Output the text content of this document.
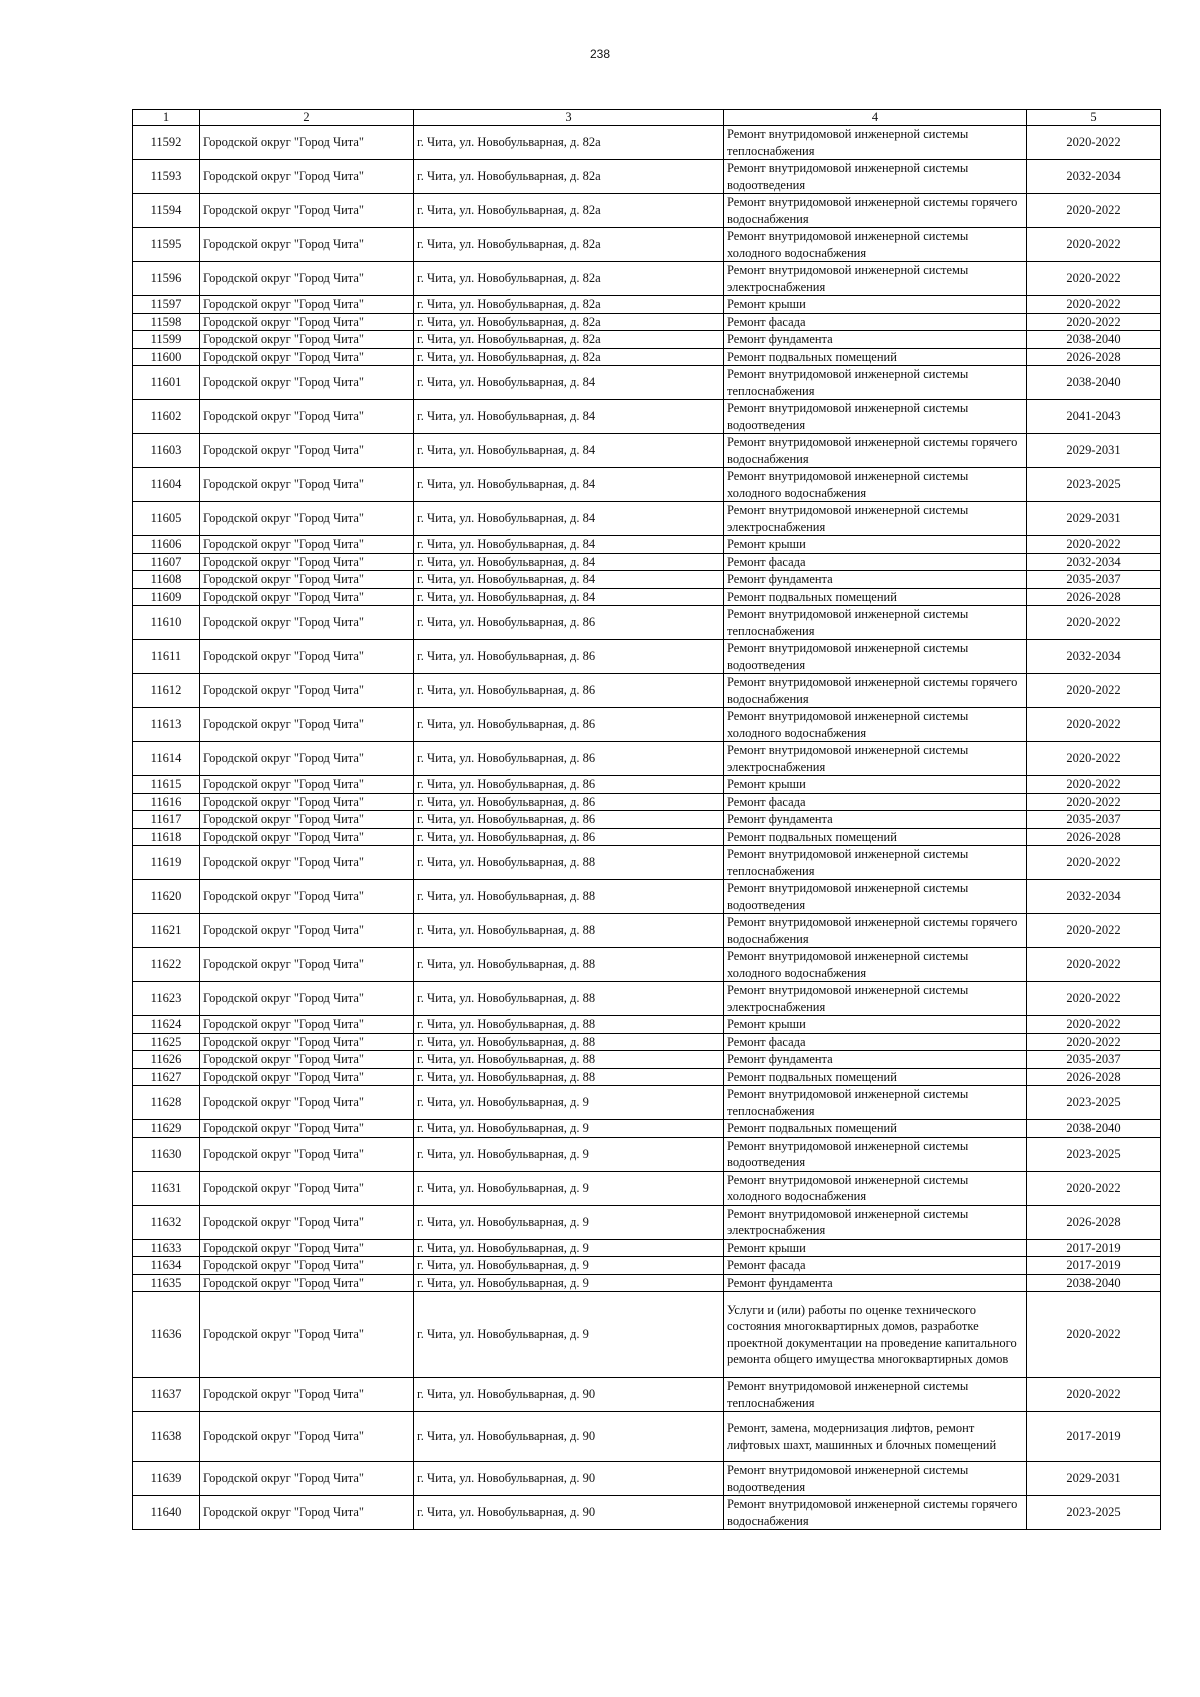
238
1	2	3	4	5
11592	Городской округ "Город Чита"	г. Чита, ул. Новобульварная, д. 82а	Ремонт внутридомовой инженерной системы теплоснабжения	2020-2022
11593	Городской округ "Город Чита"	г. Чита, ул. Новобульварная, д. 82а	Ремонт внутридомовой инженерной системы водоотведения	2032-2034
11594	Городской округ "Город Чита"	г. Чита, ул. Новобульварная, д. 82а	Ремонт внутридомовой инженерной системы горячего водоснабжения	2020-2022
11595	Городской округ "Город Чита"	г. Чита, ул. Новобульварная, д. 82а	Ремонт внутридомовой инженерной системы холодного водоснабжения	2020-2022
11596	Городской округ "Город Чита"	г. Чита, ул. Новобульварная, д. 82а	Ремонт внутридомовой инженерной системы электроснабжения	2020-2022
11597	Городской округ "Город Чита"	г. Чита, ул. Новобульварная, д. 82а	Ремонт крыши	2020-2022
11598	Городской округ "Город Чита"	г. Чита, ул. Новобульварная, д. 82а	Ремонт фасада	2020-2022
11599	Городской округ "Город Чита"	г. Чита, ул. Новобульварная, д. 82а	Ремонт фундамента	2038-2040
11600	Городской округ "Город Чита"	г. Чита, ул. Новобульварная, д. 82а	Ремонт подвальных помещений	2026-2028
11601	Городской округ "Город Чита"	г. Чита, ул. Новобульварная, д. 84	Ремонт внутридомовой инженерной системы теплоснабжения	2038-2040
11602	Городской округ "Город Чита"	г. Чита, ул. Новобульварная, д. 84	Ремонт внутридомовой инженерной системы водоотведения	2041-2043
11603	Городской округ "Город Чита"	г. Чита, ул. Новобульварная, д. 84	Ремонт внутридомовой инженерной системы горячего водоснабжения	2029-2031
11604	Городской округ "Город Чита"	г. Чита, ул. Новобульварная, д. 84	Ремонт внутридомовой инженерной системы холодного водоснабжения	2023-2025
11605	Городской округ "Город Чита"	г. Чита, ул. Новобульварная, д. 84	Ремонт внутридомовой инженерной системы электроснабжения	2029-2031
11606	Городской округ "Город Чита"	г. Чита, ул. Новобульварная, д. 84	Ремонт крыши	2020-2022
11607	Городской округ "Город Чита"	г. Чита, ул. Новобульварная, д. 84	Ремонт фасада	2032-2034
11608	Городской округ "Город Чита"	г. Чита, ул. Новобульварная, д. 84	Ремонт фундамента	2035-2037
11609	Городской округ "Город Чита"	г. Чита, ул. Новобульварная, д. 84	Ремонт подвальных помещений	2026-2028
11610	Городской округ "Город Чита"	г. Чита, ул. Новобульварная, д. 86	Ремонт внутридомовой инженерной системы теплоснабжения	2020-2022
11611	Городской округ "Город Чита"	г. Чита, ул. Новобульварная, д. 86	Ремонт внутридомовой инженерной системы водоотведения	2032-2034
11612	Городской округ "Город Чита"	г. Чита, ул. Новобульварная, д. 86	Ремонт внутридомовой инженерной системы горячего водоснабжения	2020-2022
11613	Городской округ "Город Чита"	г. Чита, ул. Новобульварная, д. 86	Ремонт внутридомовой инженерной системы холодного водоснабжения	2020-2022
11614	Городской округ "Город Чита"	г. Чита, ул. Новобульварная, д. 86	Ремонт внутридомовой инженерной системы электроснабжения	2020-2022
11615	Городской округ "Город Чита"	г. Чита, ул. Новобульварная, д. 86	Ремонт крыши	2020-2022
11616	Городской округ "Город Чита"	г. Чита, ул. Новобульварная, д. 86	Ремонт фасада	2020-2022
11617	Городской округ "Город Чита"	г. Чита, ул. Новобульварная, д. 86	Ремонт фундамента	2035-2037
11618	Городской округ "Город Чита"	г. Чита, ул. Новобульварная, д. 86	Ремонт подвальных помещений	2026-2028
11619	Городской округ "Город Чита"	г. Чита, ул. Новобульварная, д. 88	Ремонт внутридомовой инженерной системы теплоснабжения	2020-2022
11620	Городской округ "Город Чита"	г. Чита, ул. Новобульварная, д. 88	Ремонт внутридомовой инженерной системы водоотведения	2032-2034
11621	Городской округ "Город Чита"	г. Чита, ул. Новобульварная, д. 88	Ремонт внутридомовой инженерной системы горячего водоснабжения	2020-2022
11622	Городской округ "Город Чита"	г. Чита, ул. Новобульварная, д. 88	Ремонт внутридомовой инженерной системы холодного водоснабжения	2020-2022
11623	Городской округ "Город Чита"	г. Чита, ул. Новобульварная, д. 88	Ремонт внутридомовой инженерной системы электроснабжения	2020-2022
11624	Городской округ "Город Чита"	г. Чита, ул. Новобульварная, д. 88	Ремонт крыши	2020-2022
11625	Городской округ "Город Чита"	г. Чита, ул. Новобульварная, д. 88	Ремонт фасада	2020-2022
11626	Городской округ "Город Чита"	г. Чита, ул. Новобульварная, д. 88	Ремонт фундамента	2035-2037
11627	Городской округ "Город Чита"	г. Чита, ул. Новобульварная, д. 88	Ремонт подвальных помещений	2026-2028
11628	Городской округ "Город Чита"	г. Чита, ул. Новобульварная, д. 9	Ремонт внутридомовой инженерной системы теплоснабжения	2023-2025
11629	Городской округ "Город Чита"	г. Чита, ул. Новобульварная, д. 9	Ремонт подвальных помещений	2038-2040
11630	Городской округ "Город Чита"	г. Чита, ул. Новобульварная, д. 9	Ремонт внутридомовой инженерной системы водоотведения	2023-2025
11631	Городской округ "Город Чита"	г. Чита, ул. Новобульварная, д. 9	Ремонт внутридомовой инженерной системы холодного водоснабжения	2020-2022
11632	Городской округ "Город Чита"	г. Чита, ул. Новобульварная, д. 9	Ремонт внутридомовой инженерной системы электроснабжения	2026-2028
11633	Городской округ "Город Чита"	г. Чита, ул. Новобульварная, д. 9	Ремонт крыши	2017-2019
11634	Городской округ "Город Чита"	г. Чита, ул. Новобульварная, д. 9	Ремонт фасада	2017-2019
11635	Городской округ "Город Чита"	г. Чита, ул. Новобульварная, д. 9	Ремонт фундамента	2038-2040
11636	Городской округ "Город Чита"	г. Чита, ул. Новобульварная, д. 9	Услуги и (или) работы по оценке технического состояния многоквартирных домов, разработке проектной документации на проведение капитального ремонта общего имущества многоквартирных домов	2020-2022
11637	Городской округ "Город Чита"	г. Чита, ул. Новобульварная, д. 90	Ремонт внутридомовой инженерной системы теплоснабжения	2020-2022
11638	Городской округ "Город Чита"	г. Чита, ул. Новобульварная, д. 90	Ремонт, замена, модернизация лифтов, ремонт лифтовых шахт, машинных и блочных помещений	2017-2019
11639	Городской округ "Город Чита"	г. Чита, ул. Новобульварная, д. 90	Ремонт внутридомовой инженерной системы водоотведения	2029-2031
11640	Городской округ "Город Чита"	г. Чита, ул. Новобульварная, д. 90	Ремонт внутридомовой инженерной системы горячего водоснабжения	2023-2025
